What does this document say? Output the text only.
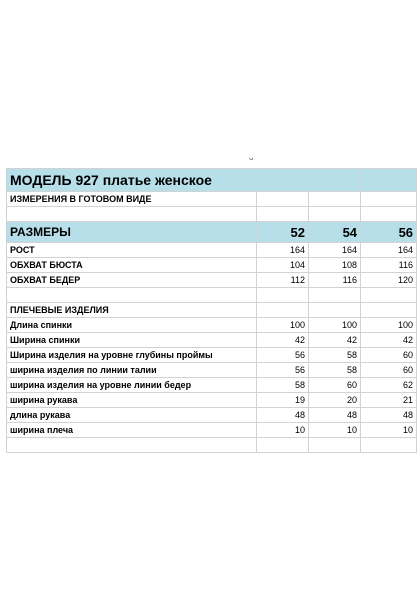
ᴗ
МОДЕЛЬ 927 платье женское			
ИЗМЕРЕНИЯ В ГОТОВОМ ВИДЕ			

РАЗМЕРЫ	52	54	56
РОСТ	164	164	164
ОБХВАТ БЮСТА	104	108	116
ОБХВАТ БЕДЕР	112	116	120

ПЛЕЧЕВЫЕ ИЗДЕЛИЯ			
Длина спинки	100	100	100
Ширина спинки	42	42	42
Ширина изделия на уровне глубины проймы	56	58	60
ширина изделия по линии талии	56	58	60
ширина изделия на уровне линии бедер	58	60	62
ширина рукава	19	20	21
длина рукава	48	48	48
ширина плеча	10	10	10
